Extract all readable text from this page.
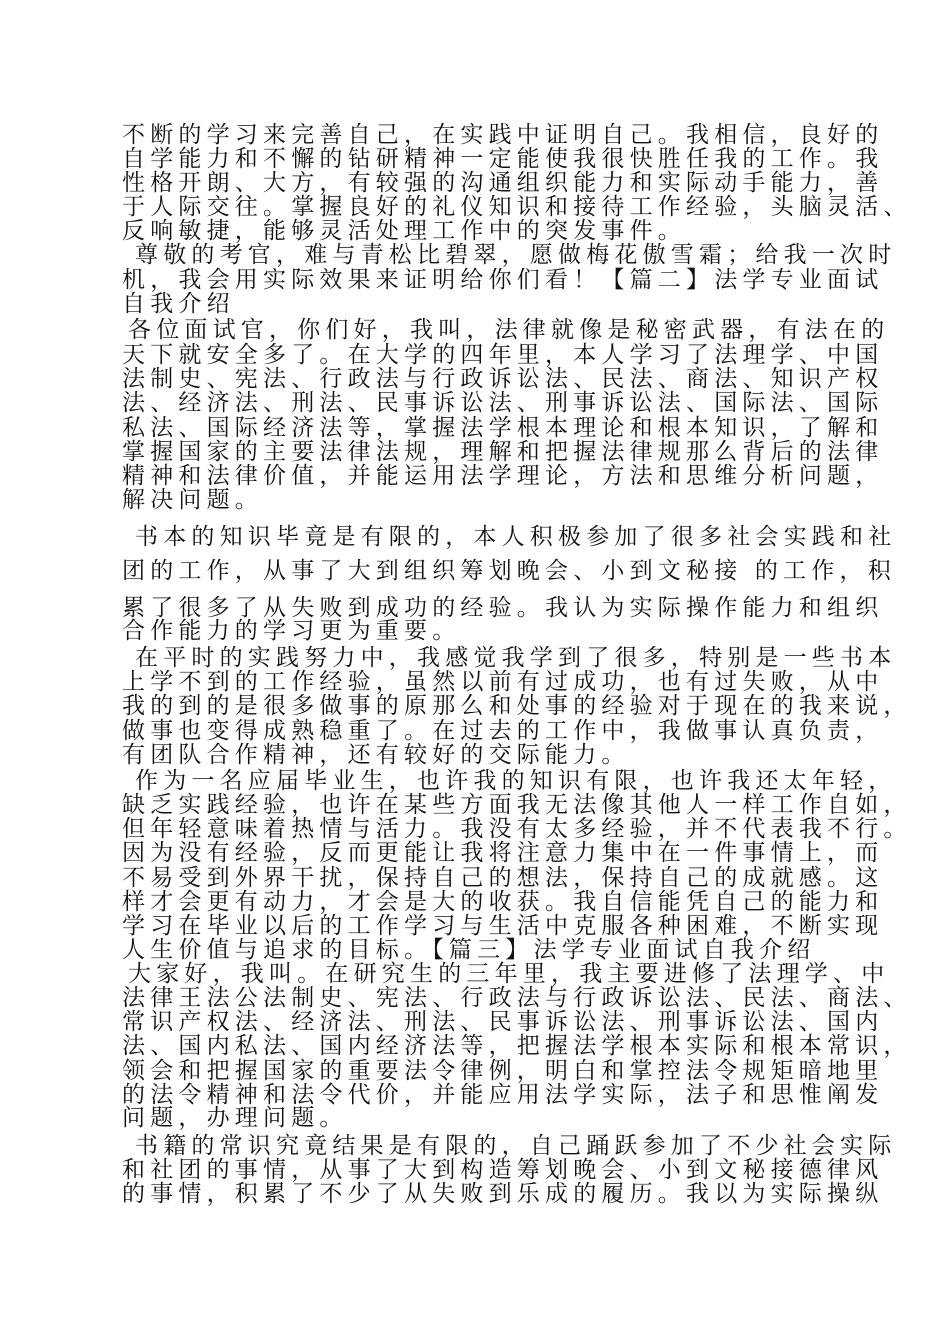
不断的学习来完善自己，在实践中证明自己。我相信，良好的
自学能力和不懈的钻研精神一定能使我很快胜任我的工作。我
性格开朗、大方，有较强的沟通组织能力和实际动手能力，善
于人际交往。掌握良好的礼仪知识和接待工作经验，头脑灵活、
反响敏捷，能够灵活处理工作中的突发事件。
尊敬的考官，难与青松比碧翠，愿做梅花傲雪霜；给我一次时
机，我会用实际效果来证明给你们看！【篇二】法学专业面试
自我介绍
各位面试官，你们好，我叫，法律就像是秘密武器，有法在的
天下就安全多了。在大学的四年里，本人学习了法理学、中国
法制史、宪法、行政法与行政诉讼法、民法、商法、知识产权
法、经济法、刑法、民事诉讼法、刑事诉讼法、国际法、国际
私法、国际经济法等，掌握法学根本理论和根本知识，了解和
掌握国家的主要法律法规，理解和把握法律规那么背后的法律
精神和法律价值，并能运用法学理论，方法和思维分析问题，
解决问题。
书本的知识毕竟是有限的，本人积极参加了很多社会实践和社
团的工作，从事了大到组织筹划晚会、小到文秘接 的工作，积
累了很多了从失败到成功的经验。我认为实际操作能力和组织
合作能力的学习更为重要。
在平时的实践努力中，我感觉我学到了很多，特别是一些书本
上学不到的工作经验，虽然以前有过成功，也有过失败，从中
我的到的是很多做事的原那么和处事的经验对于现在的我来说，
做事也变得成熟稳重了。在过去的工作中，我做事认真负责，
有团队合作精神，还有较好的交际能力。
作为一名应届毕业生，也许我的知识有限，也许我还太年轻，
缺乏实践经验，也许在某些方面我无法像其他人一样工作自如，
但年轻意味着热情与活力。我没有太多经验，并不代表我不行。
因为没有经验，反而更能让我将注意力集中在一件事情上，而
不易受到外界干扰，保持自己的想法，保持自己的成就感。这
样才会更有动力，才会是大的收获。我自信能凭自己的能力和
学习在毕业以后的工作学习与生活中克服各种困难，不断实现
人生价值与追求的目标。【篇三】法学专业面试自我介绍
大家好，我叫。在研究生的三年里，我主要进修了法理学、中
法律王法公法制史、宪法、行政法与行政诉讼法、民法、商法、
常识产权法、经济法、刑法、民事诉讼法、刑事诉讼法、国内
法、国内私法、国内经济法等，把握法学根本实际和根本常识，
领会和把握国家的重要法令律例，明白和掌控法令规矩暗地里
的法令精神和法令代价，并能应用法学实际，法子和思惟阐发
问题，办理问题。
书籍的常识究竟结果是有限的，自己踊跃参加了不少社会实际
和社团的事情，从事了大到构造筹划晚会、小到文秘接德律风
的事情，积累了不少了从失败到乐成的履历。我以为实际操纵
